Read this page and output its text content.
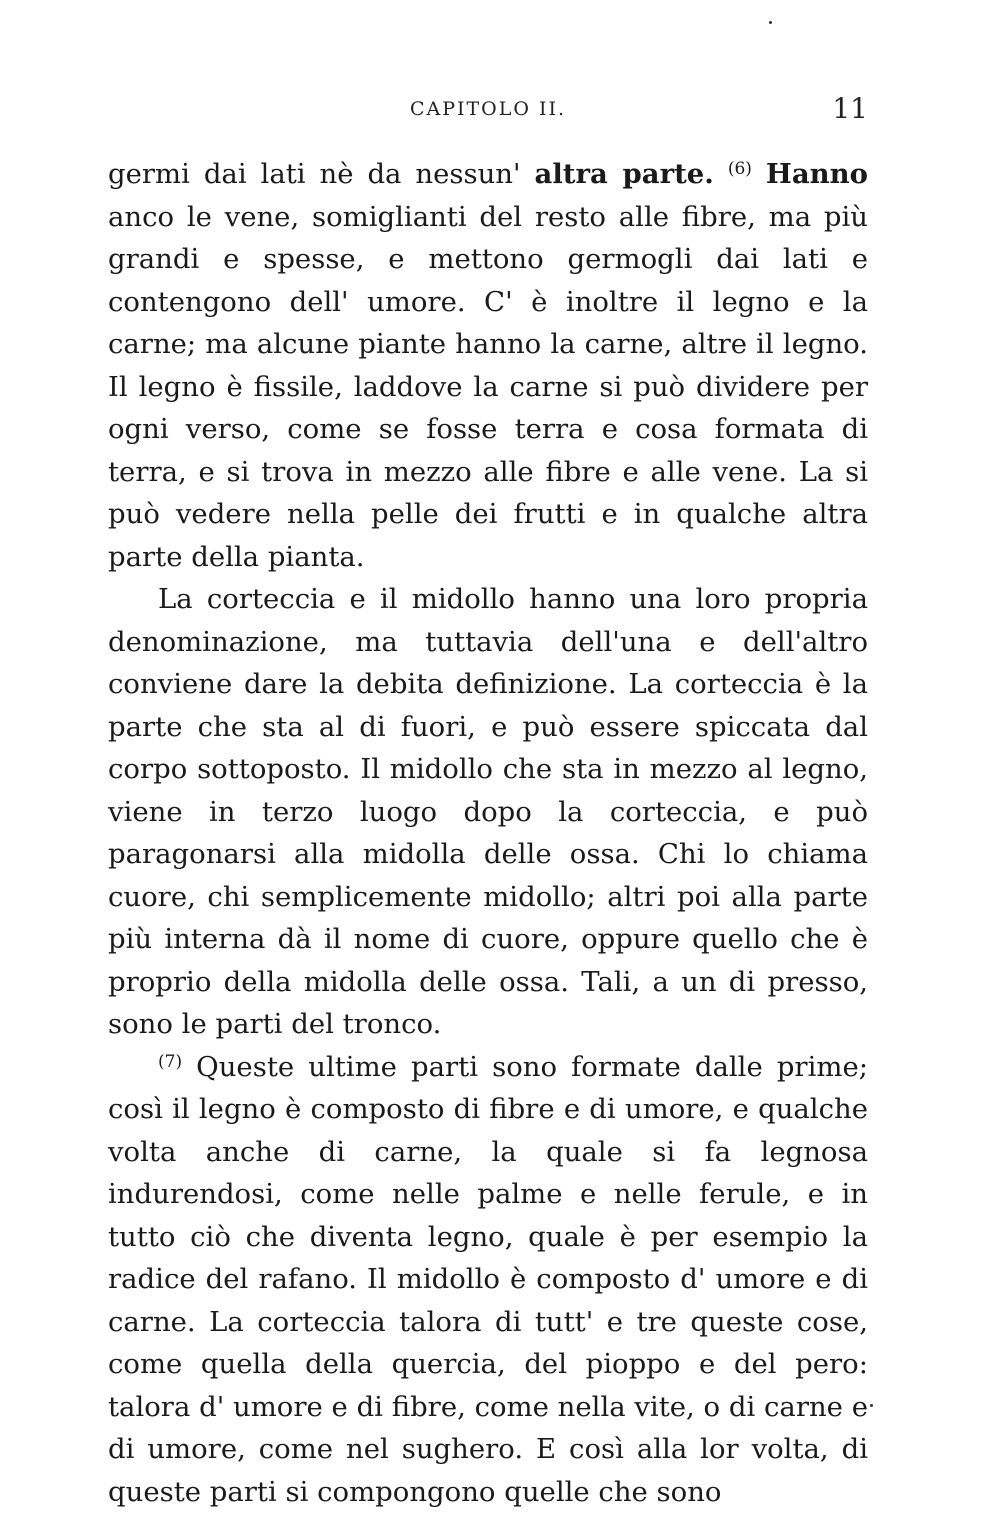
CAPITOLO II.	11

germi dai lati nè da nessun' altra parte. $^{(6)}$ Hanno anco le vene, somiglianti del resto alle fibre, ma più grandi e spesse, e mettono germogli dai lati e contengono dell' umore. C' è inoltre il legno e la carne; ma alcune piante hanno la carne, altre il legno. Il legno è fissile, laddove la carne si può dividere per ogni verso, come se fosse terra e cosa formata di terra, e si trova in mezzo alle fibre e alle vene. La si può vedere nella pelle dei frutti e in qualche altra parte della pianta.

La corteccia e il midollo hanno una loro propria denominazione, ma tuttavia dell'una e dell'altro conviene dare la debita definizione. La corteccia è la parte che sta al di fuori, e può essere spiccata dal corpo sottoposto. Il midollo che sta in mezzo al legno, viene in terzo luogo dopo la corteccia, e può paragonarsi alla midolla delle ossa. Chi lo chiama cuore, chi semplicemente midollo; altri poi alla parte più interna dà il nome di cuore, oppure quello che è proprio della midolla delle ossa. Tali, a un di presso, sono le parti del tronco.

$^{(7)}$ Queste ultime parti sono formate dalle prime; così il legno è composto di fibre e di umore, e qualche volta anche di carne, la quale si fa legnosa indurendosi, come nelle palme e nelle ferule, e in tutto ciò che diventa legno, quale è per esempio la radice del rafano. Il midollo è composto d' umore e di carne. La corteccia talora di tutt' e tre queste cose, come quella della quercia, del pioppo e del pero: talora d' umore e di fibre, come nella vite, o di carne e di umore, come nel sughero. E così alla lor volta, di queste parti si compongono quelle che sono
